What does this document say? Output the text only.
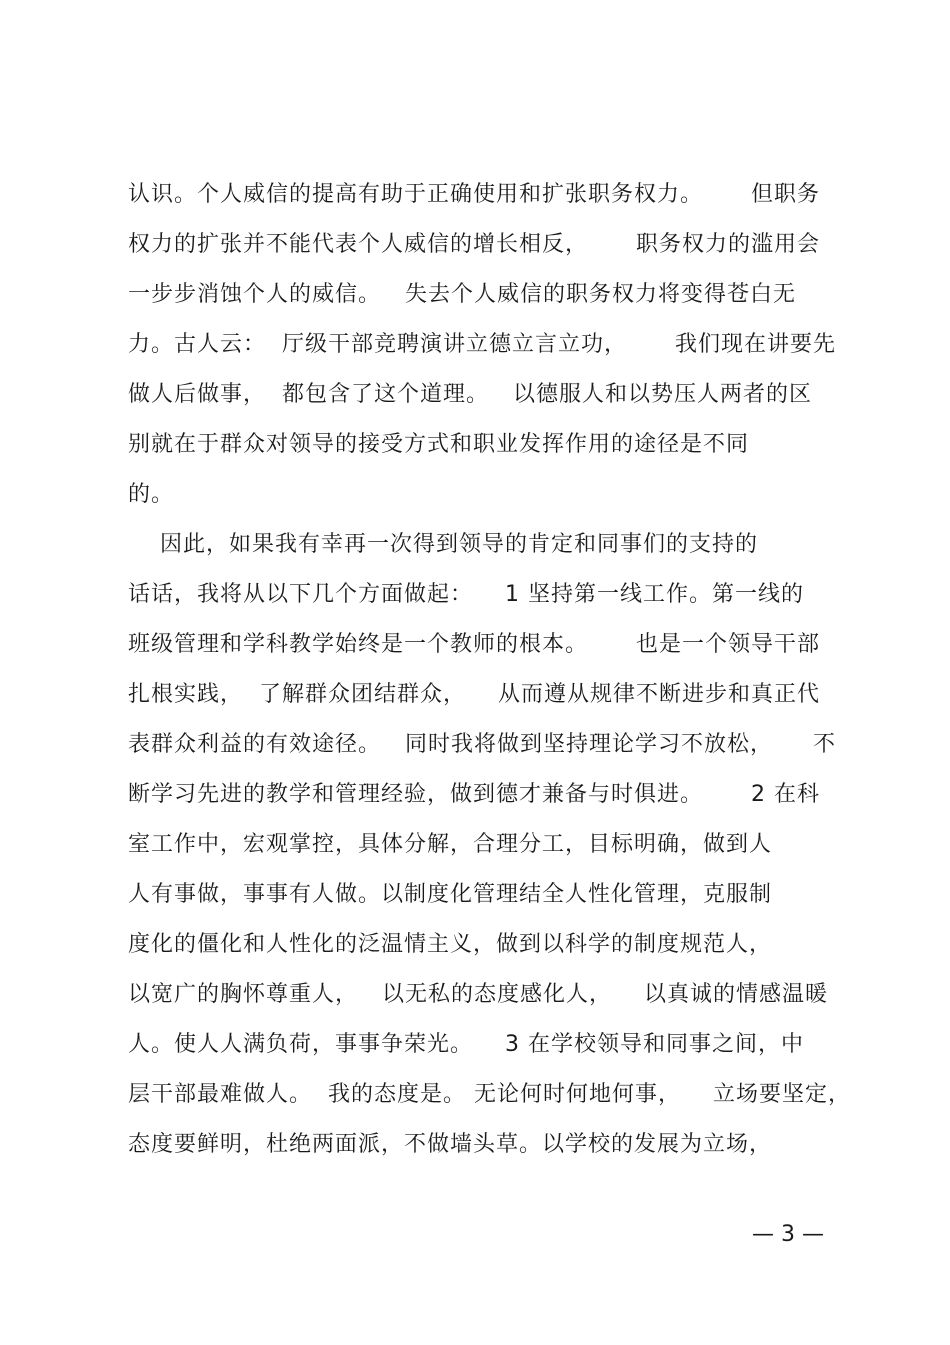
认识。个人威信的提高有助于正确使用和扩张职务权力。      但职务
权力的扩张并不能代表个人威信的增长相反，      职务权力的滥用会
一步步消蚀个人的威信。   失去个人威信的职务权力将变得苍白无
力。古人云：  厅级干部竞聘演讲立德立言立功，      我们现在讲要先
做人后做事，  都包含了这个道理。   以德服人和以势压人两者的区
别就在于群众对领导的接受方式和职业发挥作用的途径是不同
的。
因此，如果我有幸再一次得到领导的肯定和同事们的支持的
话话，我将从以下几个方面做起：    1 坚持第一线工作。第一线的
班级管理和学科教学始终是一个教师的根本。      也是一个领导干部
扎根实践，  了解群众团结群众，    从而遵从规律不断进步和真正代
表群众利益的有效途径。   同时我将做到坚持理论学习不放松，     不
断学习先进的教学和管理经验，做到德才兼备与时俱进。      2 在科
室工作中，宏观掌控，具体分解，合理分工，目标明确，做到人
人有事做，事事有人做。以制度化管理结全人性化管理，克服制
度化的僵化和人性化的泛温情主义，做到以科学的制度规范人，
以宽广的胸怀尊重人，   以无私的态度感化人，    以真诚的情感温暖
人。使人人满负荷，事事争荣光。    3 在学校领导和同事之间，中
层干部最难做人。  我的态度是。 无论何时何地何事，    立场要坚定，
态度要鲜明，杜绝两面派，不做墙头草。以学校的发展为立场，
— 3 —
